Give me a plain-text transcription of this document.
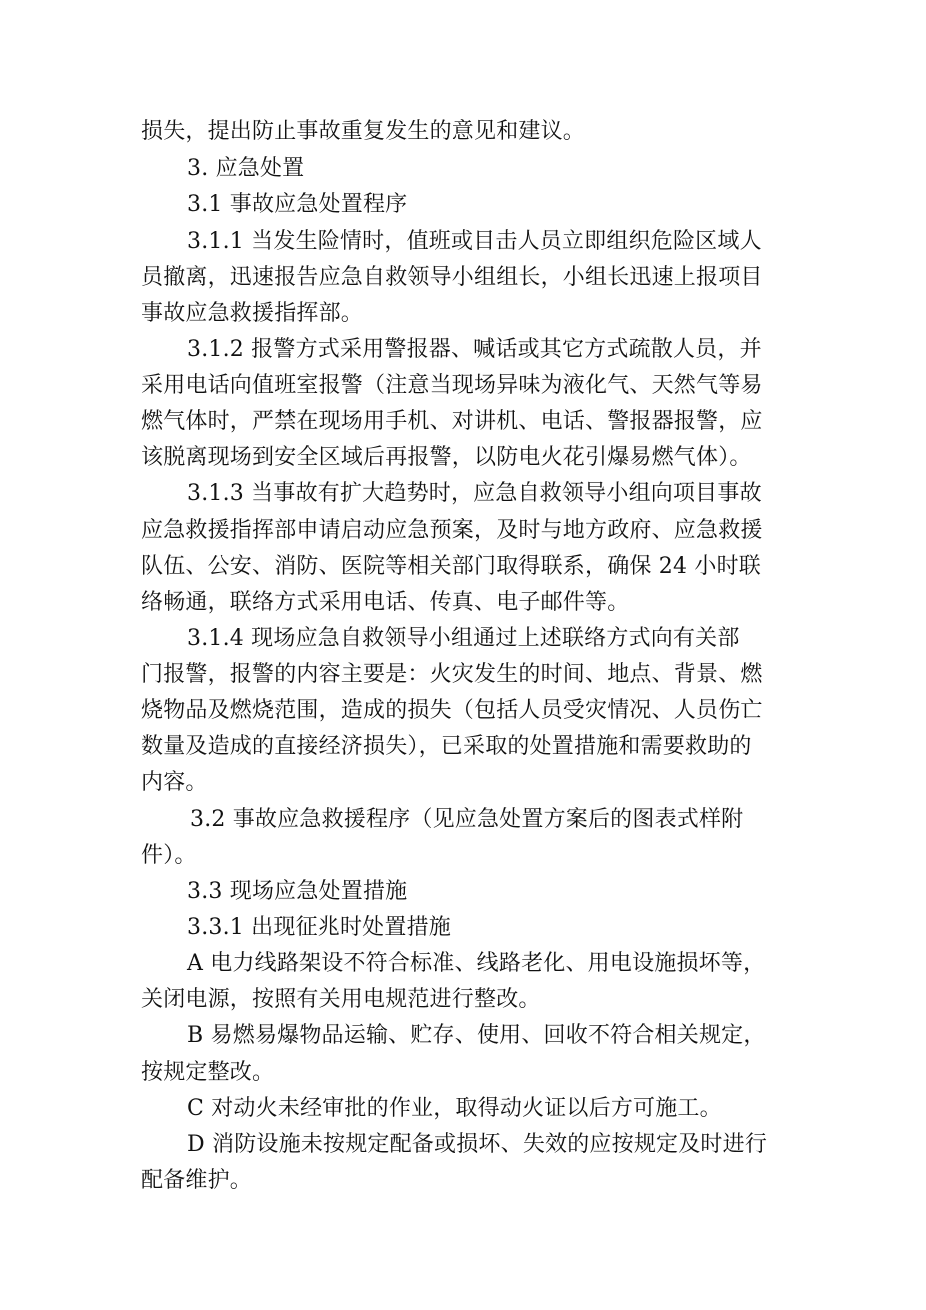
损失，提出防止事故重复发生的意见和建议。
3. 应急处置
3.1 事故应急处置程序
3.1.1 当发生险情时，值班或目击人员立即组织危险区域人
员撤离，迅速报告应急自救领导小组组长，小组长迅速上报项目
事故应急救援指挥部。
3.1.2 报警方式采用警报器、喊话或其它方式疏散人员，并
采用电话向值班室报警（注意当现场异味为液化气、天然气等易
燃气体时，严禁在现场用手机、对讲机、电话、警报器报警，应
该脱离现场到安全区域后再报警，以防电火花引爆易燃气体）。
3.1.3 当事故有扩大趋势时，应急自救领导小组向项目事故
应急救援指挥部申请启动应急预案，及时与地方政府、应急救援
队伍、公安、消防、医院等相关部门取得联系，确保 24 小时联
络畅通，联络方式采用电话、传真、电子邮件等。
3.1.4 现场应急自救领导小组通过上述联络方式向有关部
门报警，报警的内容主要是：火灾发生的时间、地点、背景、燃
烧物品及燃烧范围，造成的损失（包括人员受灾情况、人员伤亡
数量及造成的直接经济损失），已采取的处置措施和需要救助的
内容。
3.2 事故应急救援程序（见应急处置方案后的图表式样附
件）。
3.3 现场应急处置措施
3.3.1 出现征兆时处置措施
A 电力线路架设不符合标准、线路老化、用电设施损坏等，
关闭电源，按照有关用电规范进行整改。
B 易燃易爆物品运输、贮存、使用、回收不符合相关规定，
按规定整改。
C 对动火未经审批的作业，取得动火证以后方可施工。
D 消防设施未按规定配备或损坏、失效的应按规定及时进行
配备维护。
